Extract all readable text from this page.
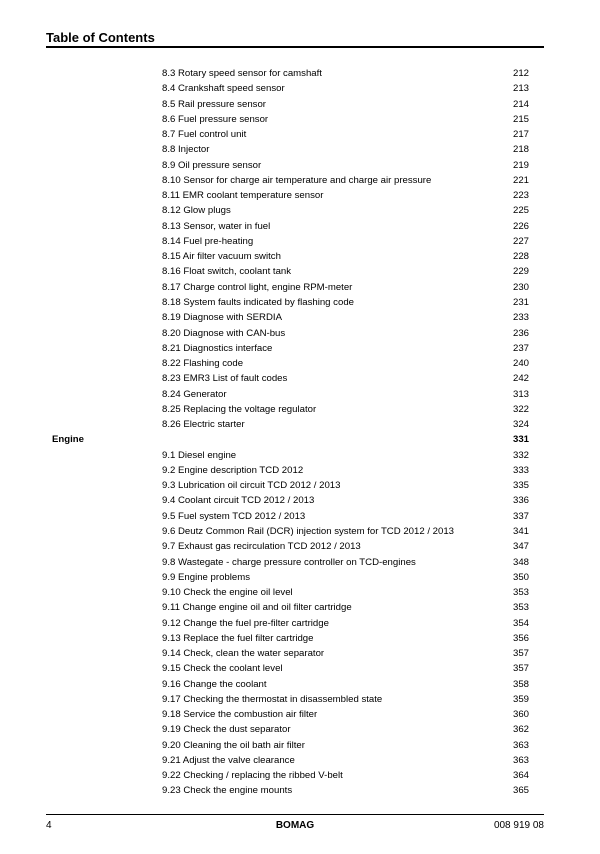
Table of Contents
8.3 Rotary speed sensor for camshaft	212
8.4 Crankshaft speed sensor	213
8.5 Rail pressure sensor	214
8.6 Fuel pressure sensor	215
8.7 Fuel control unit	217
8.8 Injector	218
8.9 Oil pressure sensor	219
8.10 Sensor for charge air temperature and charge air pressure	221
8.11 EMR coolant temperature sensor	223
8.12 Glow plugs	225
8.13 Sensor, water in fuel	226
8.14 Fuel pre-heating	227
8.15 Air filter vacuum switch	228
8.16 Float switch, coolant tank	229
8.17 Charge control light, engine RPM-meter	230
8.18 System faults indicated by flashing code	231
8.19 Diagnose with SERDIA	233
8.20 Diagnose with CAN-bus	236
8.21 Diagnostics interface	237
8.22 Flashing code	240
8.23 EMR3 List of fault codes	242
8.24 Generator	313
8.25 Replacing the voltage regulator	322
8.26 Electric starter	324
Engine	331
9.1 Diesel engine	332
9.2 Engine description TCD 2012	333
9.3 Lubrication oil circuit TCD 2012 / 2013	335
9.4 Coolant circuit TCD 2012 / 2013	336
9.5 Fuel system TCD 2012 / 2013	337
9.6 Deutz Common Rail (DCR) injection system for TCD 2012 / 2013	341
9.7 Exhaust gas recirculation TCD 2012 / 2013	347
9.8 Wastegate - charge pressure controller on TCD-engines	348
9.9 Engine problems	350
9.10 Check the engine oil level	353
9.11 Change engine oil and oil filter cartridge	353
9.12 Change the fuel pre-filter cartridge	354
9.13 Replace the fuel filter cartridge	356
9.14 Check, clean the water separator	357
9.15 Check the coolant level	357
9.16 Change the coolant	358
9.17 Checking the thermostat in disassembled state	359
9.18 Service the combustion air filter	360
9.19 Check the dust separator	362
9.20 Cleaning the oil bath air filter	363
9.21 Adjust the valve clearance	363
9.22 Checking / replacing the ribbed V-belt	364
9.23 Check the engine mounts	365
4	BOMAG	008 919 08
